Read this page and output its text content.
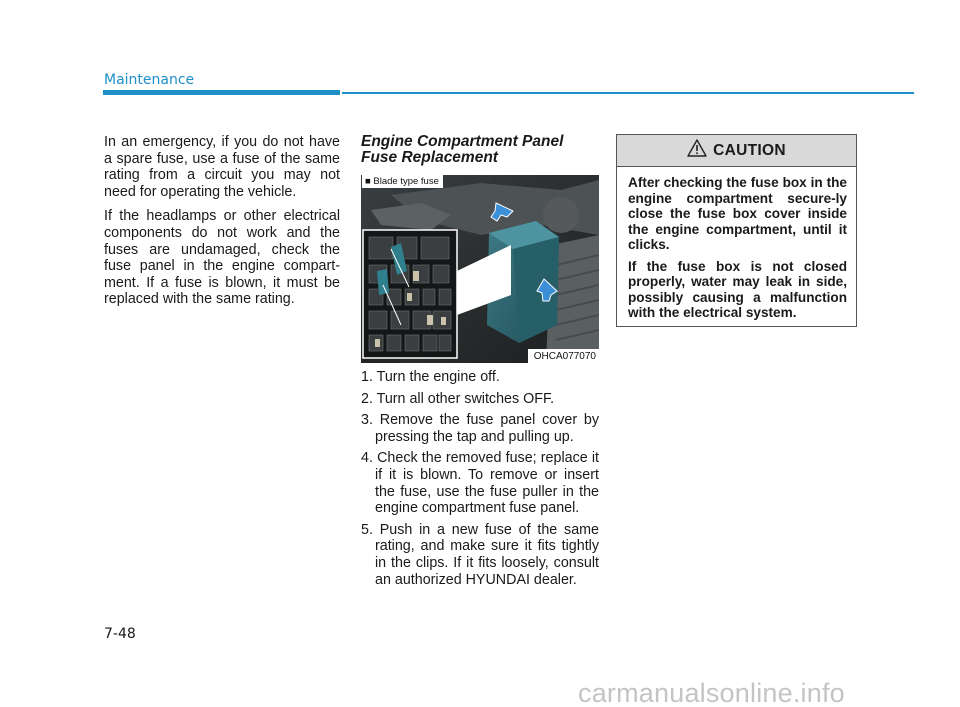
Maintenance

In an emergency, if you do not have a spare fuse, use a fuse of the same rating from a circuit you may not need for operating the vehicle.

If the headlamps or other electrical components do not work and the fuses are undamaged, check the fuse panel in the engine compart-ment. If a fuse is blown, it must be replaced with the same rating.

Engine Compartment Panel Fuse Replacement
■ Blade type fuse
OHCA077070
1. Turn the engine off.
2. Turn all other switches OFF.
3. Remove the fuse panel cover by pressing the tap and pulling up.
4. Check the removed fuse; replace it if it is blown. To remove or insert the fuse, use the fuse puller in the engine compartment fuse panel.
5. Push in a new fuse of the same rating, and make sure it fits tightly in the clips. If it fits loosely, consult an authorized HYUNDAI dealer.
CAUTION

After checking the fuse box in the engine compartment secure-ly close the fuse box cover inside the engine compartment, until it clicks.

If the fuse box is not closed properly, water may leak in side, possibly causing a malfunction with the electrical system.

7-48
carmanualsonline.info
